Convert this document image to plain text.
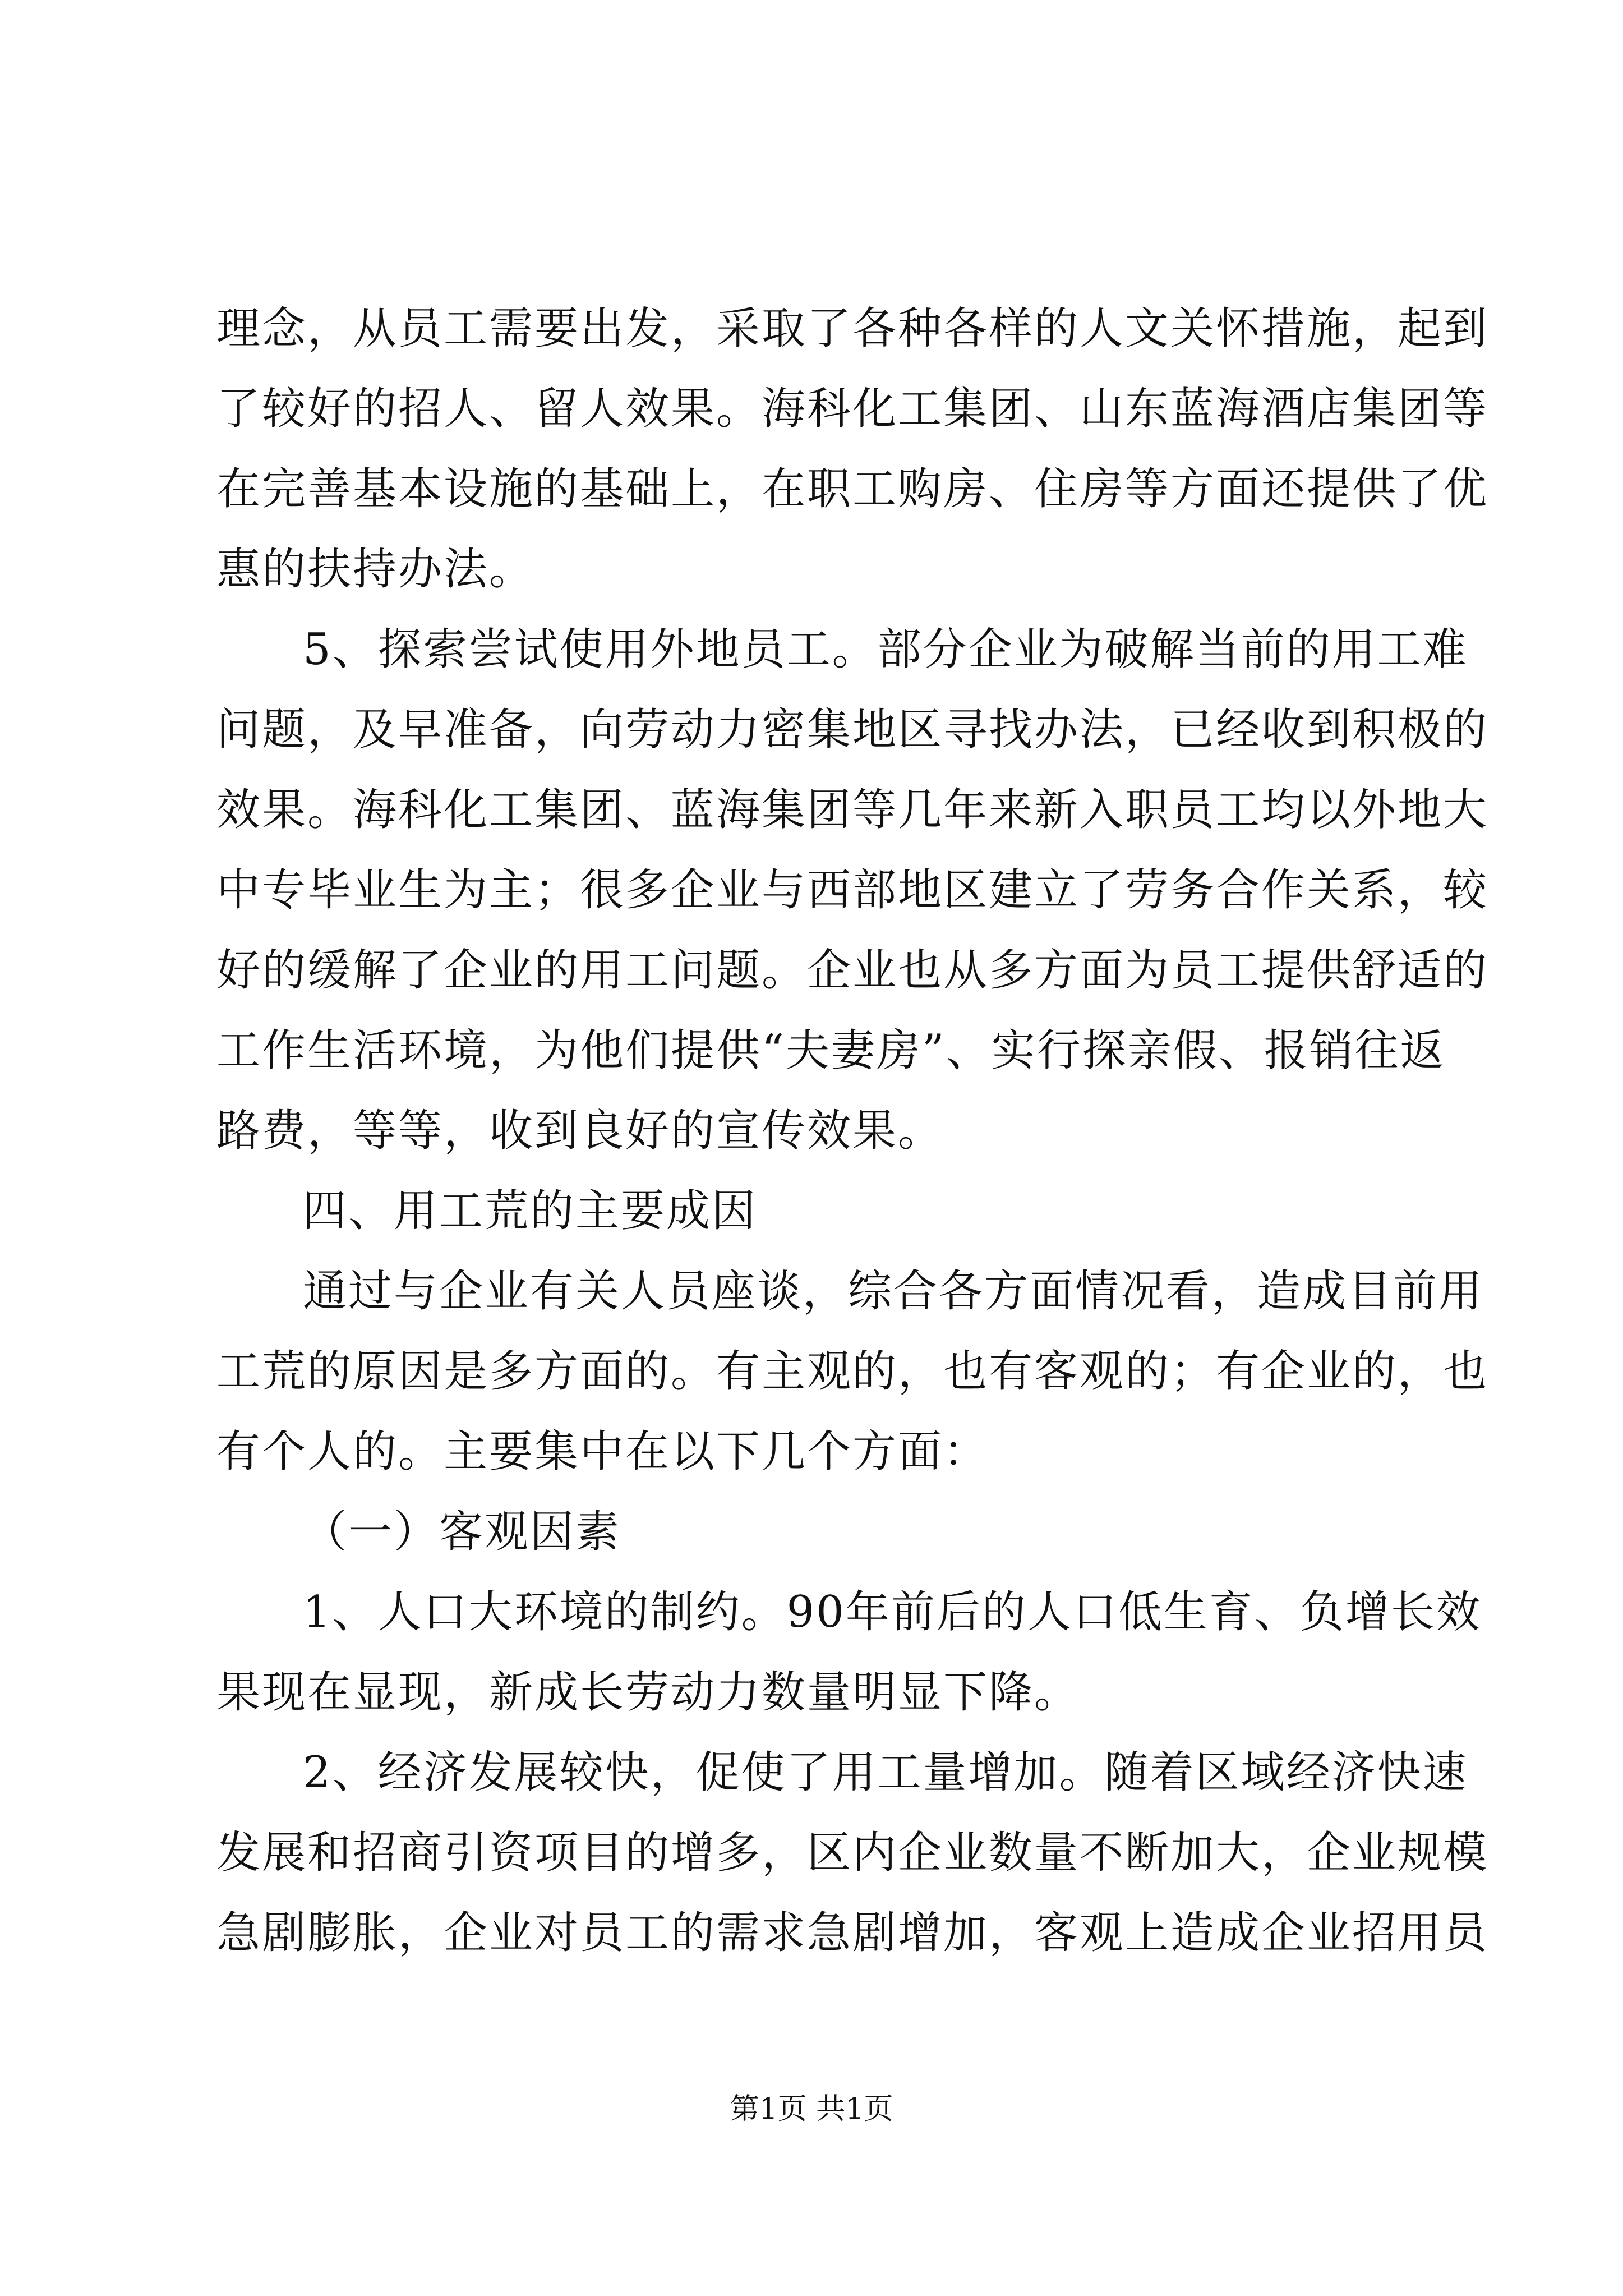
理念，从员工需要出发，采取了各种各样的人文关怀措施，起到
了较好的招人、留人效果。海科化工集团、山东蓝海酒店集团等
在完善基本设施的基础上，在职工购房、住房等方面还提供了优
惠的扶持办法。
5、探索尝试使用外地员工。部分企业为破解当前的用工难
问题，及早准备，向劳动力密集地区寻找办法，已经收到积极的
效果。海科化工集团、蓝海集团等几年来新入职员工均以外地大
中专毕业生为主；很多企业与西部地区建立了劳务合作关系，较
好的缓解了企业的用工问题。企业也从多方面为员工提供舒适的
工作生活环境，为他们提供“夫妻房”、实行探亲假、报销往返
路费，等等，收到良好的宣传效果。
四、用工荒的主要成因
通过与企业有关人员座谈，综合各方面情况看，造成目前用
工荒的原因是多方面的。有主观的，也有客观的；有企业的，也
有个人的。主要集中在以下几个方面：
（一）客观因素
1、人口大环境的制约。90年前后的人口低生育、负增长效
果现在显现，新成长劳动力数量明显下降。
2、经济发展较快，促使了用工量增加。随着区域经济快速
发展和招商引资项目的增多，区内企业数量不断加大，企业规模
急剧膨胀，企业对员工的需求急剧增加，客观上造成企业招用员
第1页 共1页
